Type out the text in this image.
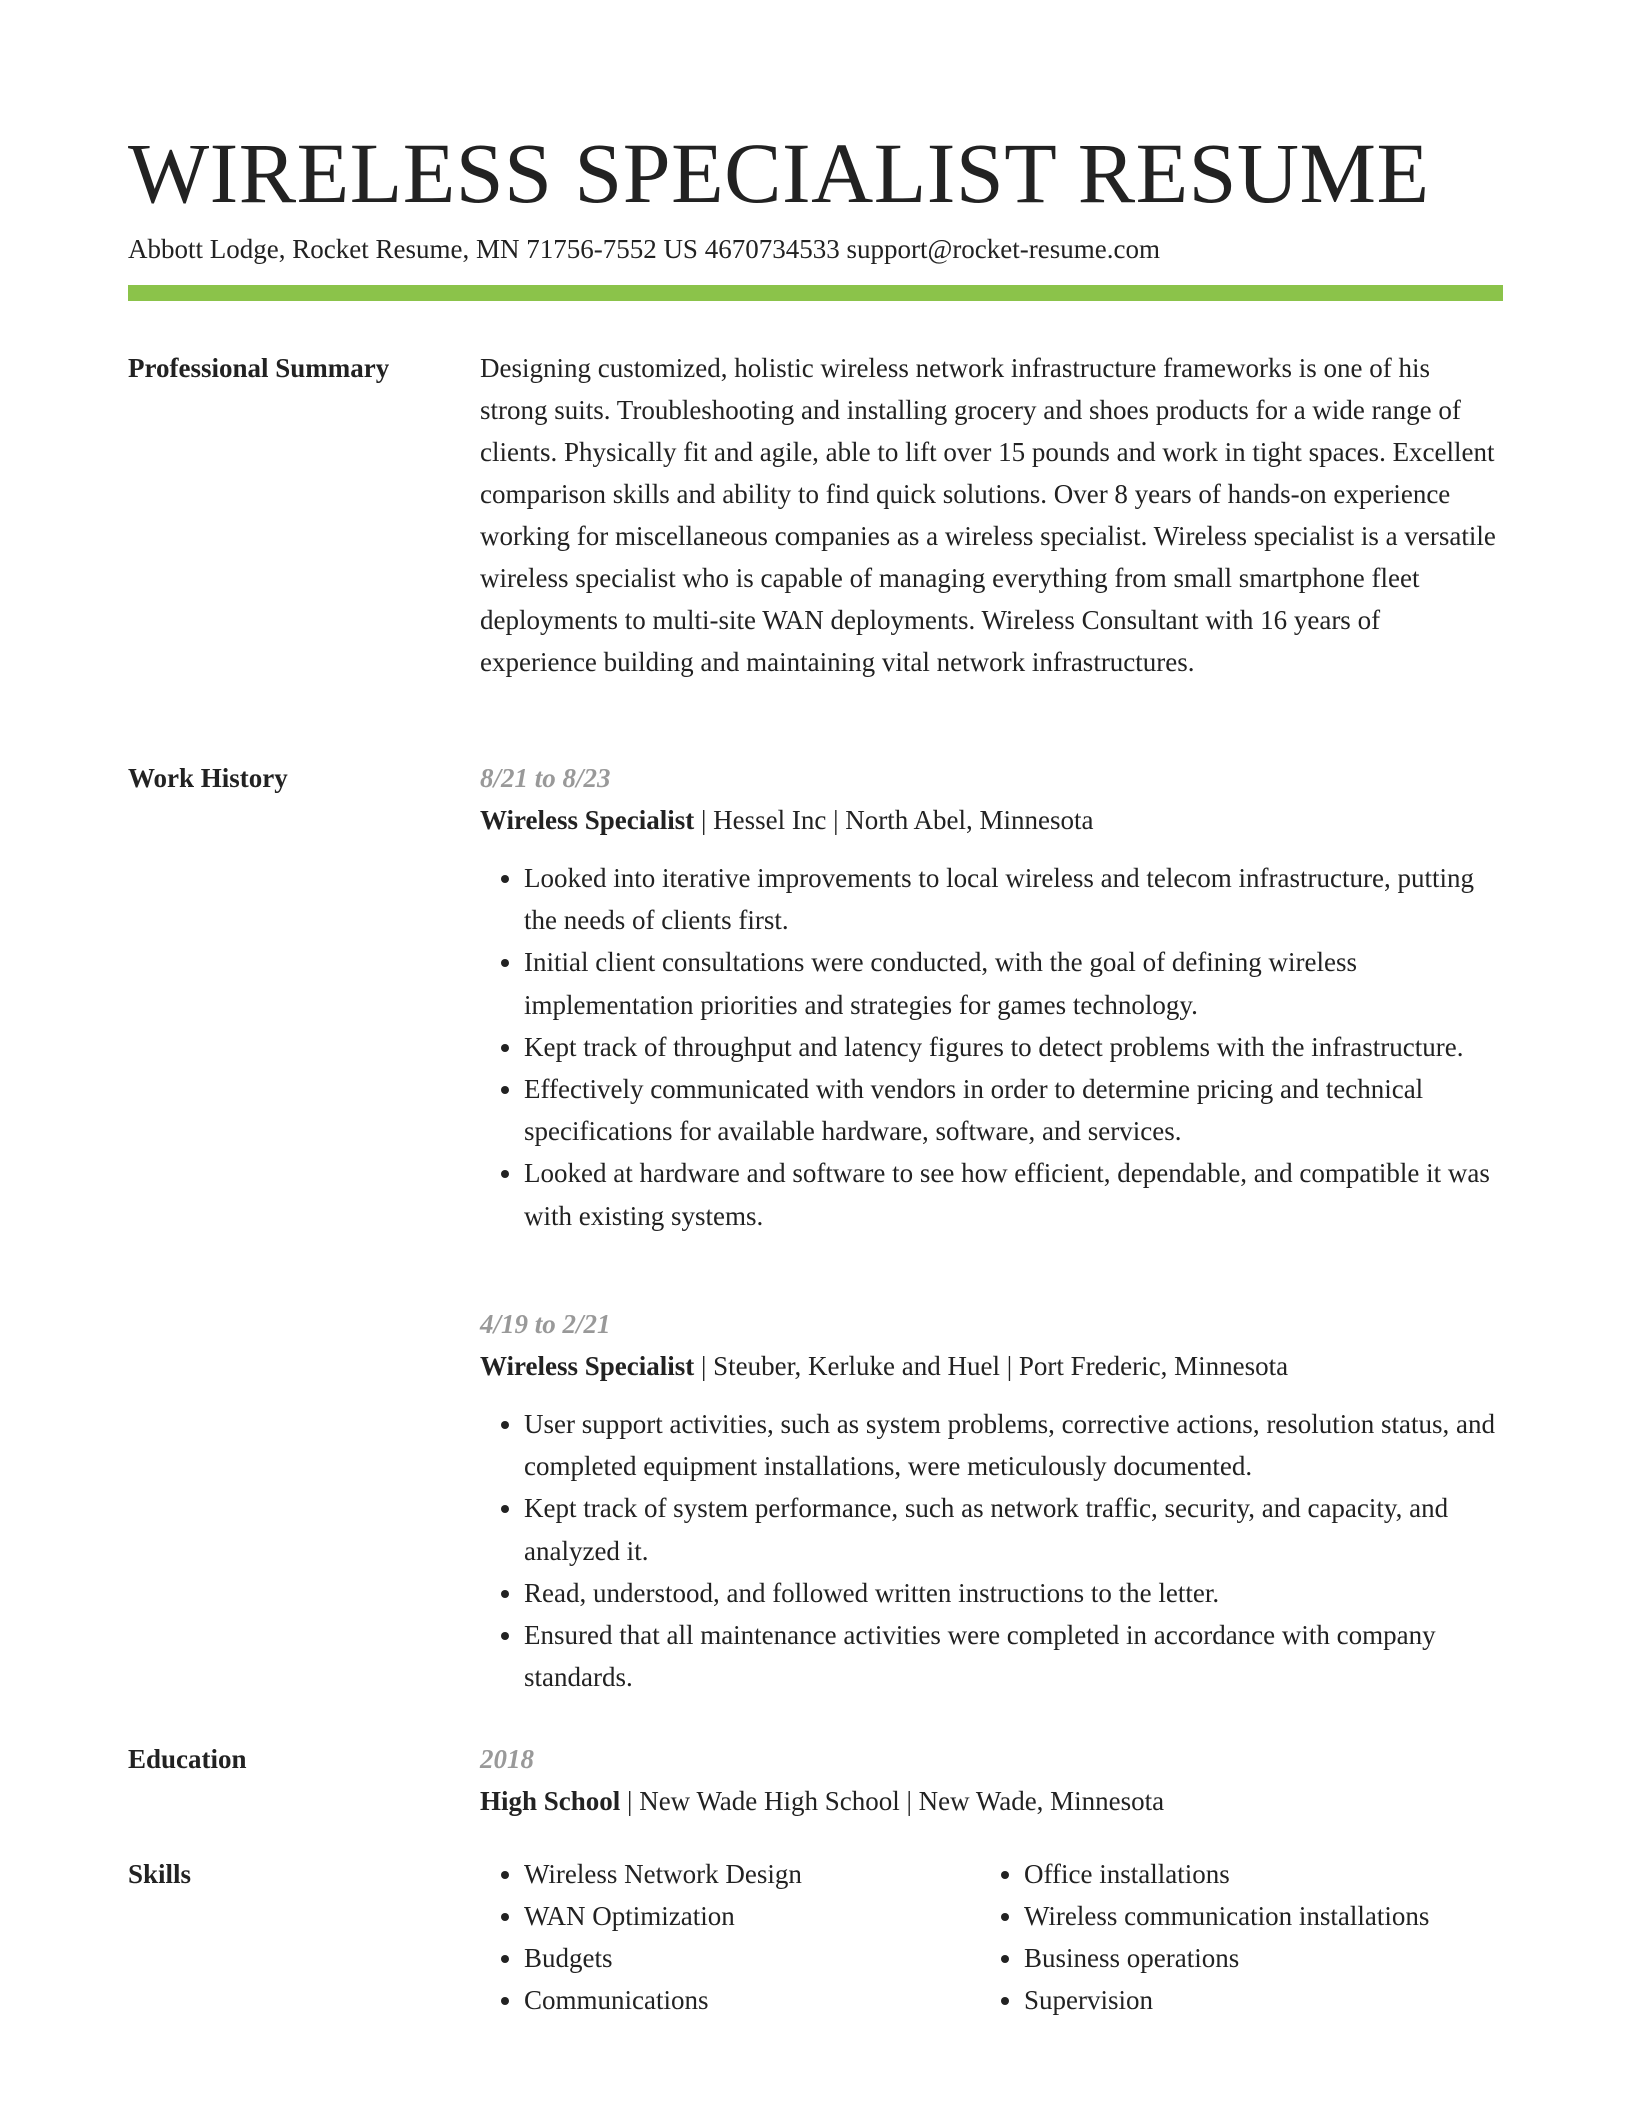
WIRELESS SPECIALIST RESUME
Abbott Lodge, Rocket Resume, MN 71756-7552 US 4670734533 support@rocket-resume.com
Professional Summary	Designing customized, holistic wireless network infrastructure frameworks is one of his strong suits. Troubleshooting and installing grocery and shoes products for a wide range of clients. Physically fit and agile, able to lift over 15 pounds and work in tight spaces. Excellent comparison skills and ability to find quick solutions. Over 8 years of hands-on experience working for miscellaneous companies as a wireless specialist. Wireless specialist is a versatile wireless specialist who is capable of managing everything from small smartphone fleet deployments to multi-site WAN deployments. Wireless Consultant with 16 years of experience building and maintaining vital network infrastructures.

Work History	8/21 to 8/23
Wireless Specialist | Hessel Inc | North Abel, Minnesota
• Looked into iterative improvements to local wireless and telecom infrastructure, putting the needs of clients first.
• Initial client consultations were conducted, with the goal of defining wireless implementation priorities and strategies for games technology.
• Kept track of throughput and latency figures to detect problems with the infrastructure.
• Effectively communicated with vendors in order to determine pricing and technical specifications for available hardware, software, and services.
• Looked at hardware and software to see how efficient, dependable, and compatible it was with existing systems.
4/19 to 2/21
Wireless Specialist | Steuber, Kerluke and Huel | Port Frederic, Minnesota
• User support activities, such as system problems, corrective actions, resolution status, and completed equipment installations, were meticulously documented.
• Kept track of system performance, such as network traffic, security, and capacity, and analyzed it.
• Read, understood, and followed written instructions to the letter.
• Ensured that all maintenance activities were completed in accordance with company standards.
Education	2018
High School | New Wade High School | New Wade, Minnesota
Skills
•	Wireless Network Design
• WAN Optimization
• Budgets
• Communications
• Office installations
• Wireless communication installations
• Business operations
• Supervision
